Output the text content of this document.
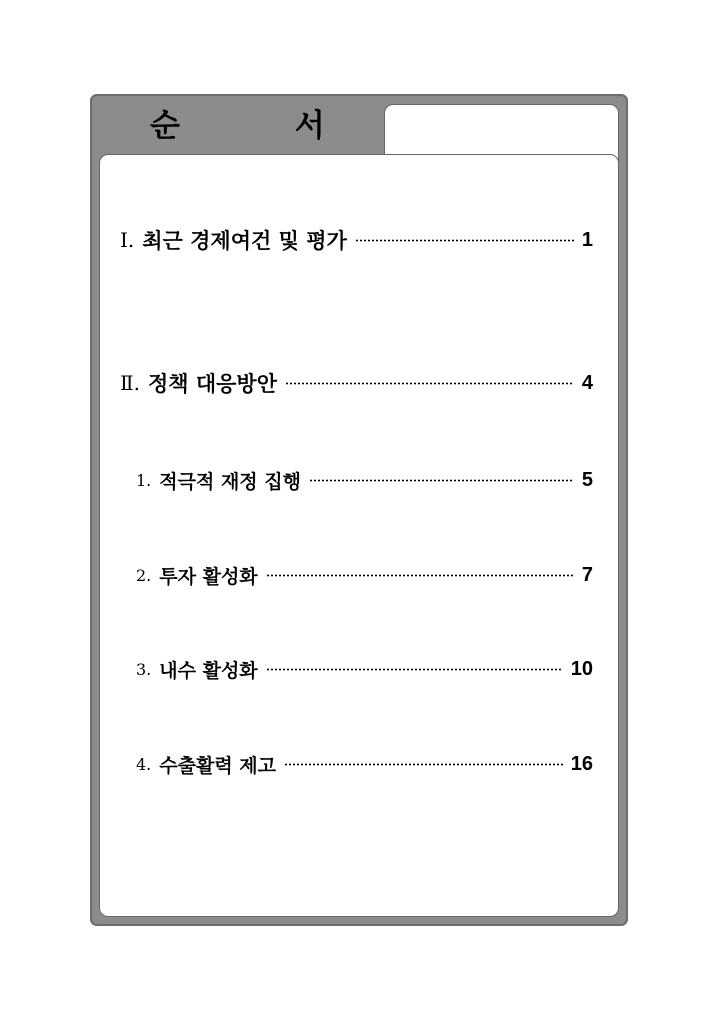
순 서
Ⅰ. 최근 경제여건 및 평가	1
Ⅱ. 정책 대응방안	4
1. 적극적 재정 집행	5
2. 투자 활성화	7
3. 내수 활성화	10
4. 수출활력 제고	16
